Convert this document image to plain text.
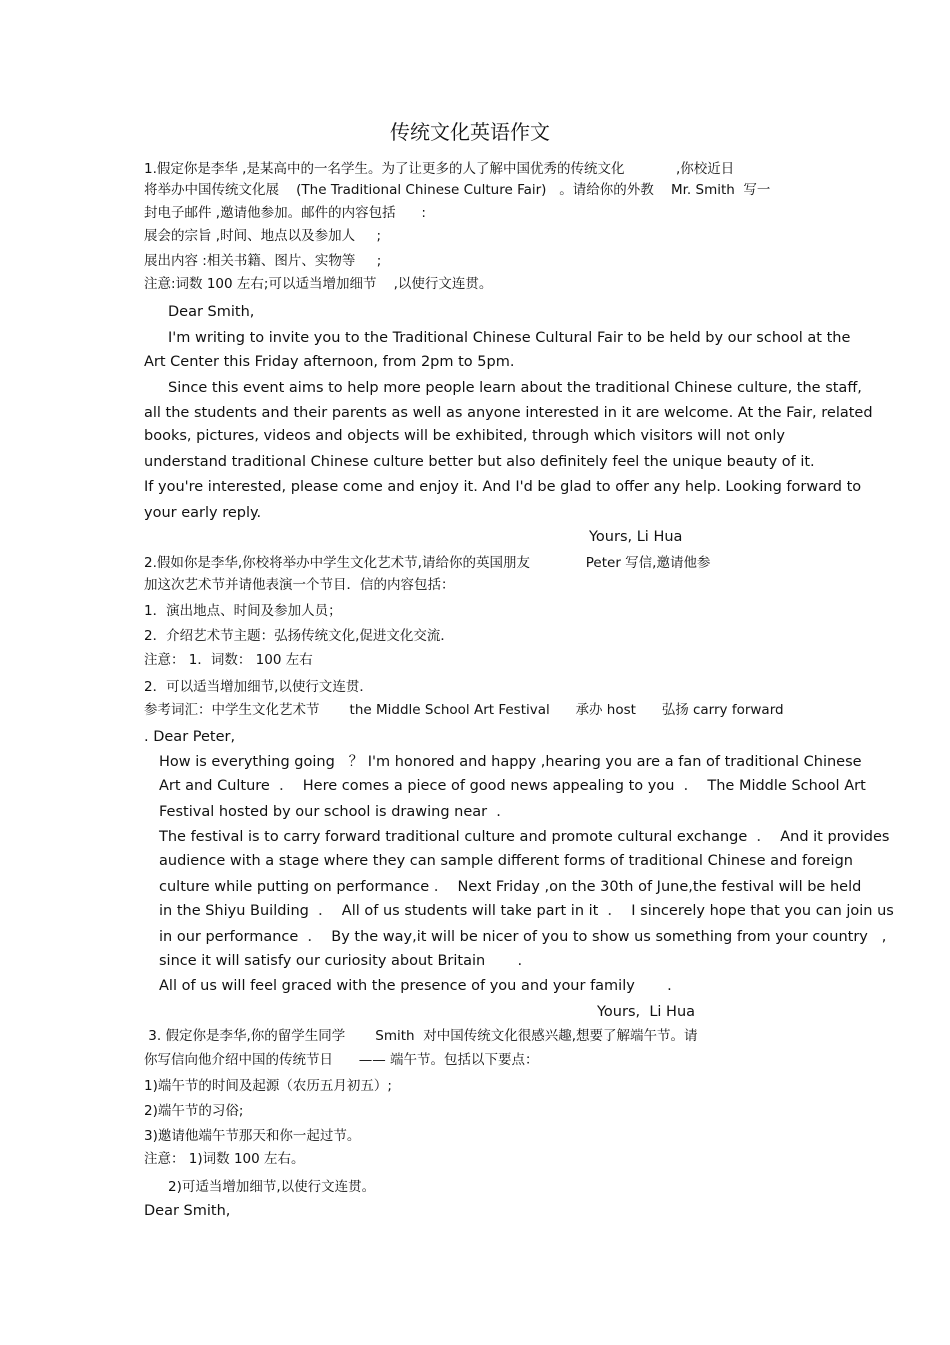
传统文化英语作文
1.假定你是李华 ,是某高中的一名学生。为了让更多的人了解中国优秀的传统文化            ,你校近日
将举办中国传统文化展    (The Traditional Chinese Culture Fair)   。请给你的外教    Mr. Smith  写一
封电子邮件 ,邀请他参加。邮件的内容包括      :
展会的宗旨 ,时间、地点以及参加人     ;
展出内容 :相关书籍、图片、实物等     ;
注意:词数 100 左右;可以适当增加细节    ,以使行文连贯。
Dear Smith,
I'm writing to invite you to the Traditional Chinese Cultural Fair to be held by our school at the
Art Center this Friday afternoon, from 2pm to 5pm.
Since this event aims to help more people learn about the traditional Chinese culture, the staff,
all the students and their parents as well as anyone interested in it are welcome. At the Fair, related
books, pictures, videos and objects will be exhibited, through which visitors will not only
understand traditional Chinese culture better but also definitely feel the unique beauty of it.
If you're interested, please come and enjoy it. And I'd be glad to offer any help. Looking forward to
your early reply.
Yours, Li Hua
2.假如你是李华,你校将举办中学生文化艺术节,请给你的英国朋友             Peter 写信,邀请他参
加这次艺术节并请他表演一个节目．信的内容包括：
1．演出地点、时间及参加人员；
2．介绍艺术节主题：弘扬传统文化,促进文化交流．
注意： 1．词数： 100 左右
2．可以适当增加细节,以使行文连贯．
参考词汇：中学生文化艺术节       the Middle School Art Festival      承办 host      弘扬 carry forward
. Dear Peter,
How is everything going   ？ I'm honored and happy ,hearing you are a fan of traditional Chinese
Art and Culture  ．  Here comes a piece of good news appealing to you  ．  The Middle School Art
Festival hosted by our school is drawing near  .
The festival is to carry forward traditional culture and promote cultural exchange  ．  And it provides
audience with a stage where they can sample different forms of traditional Chinese and foreign
culture while putting on performance ．  Next Friday ,on the 30th of June,the festival will be held
in the Shiyu Building  ．  All of us students will take part in it  ．  I sincerely hope that you can join us
in our performance  ．  By the way,it will be nicer of you to show us something from your country   ,
since it will satisfy our curiosity about Britain       .
All of us will feel graced with the presence of you and your family       .
Yours,  Li Hua
3. 假定你是李华,你的留学生同学       Smith  对中国传统文化很感兴趣,想要了解端午节。请
你写信向他介绍中国的传统节日      —— 端午节。包括以下要点：
1)端午节的时间及起源（农历五月初五）;
2)端午节的习俗;
3)邀请他端午节那天和你一起过节。
注意： 1)词数 100 左右。
2)可适当增加细节,以使行文连贯。
Dear Smith,
